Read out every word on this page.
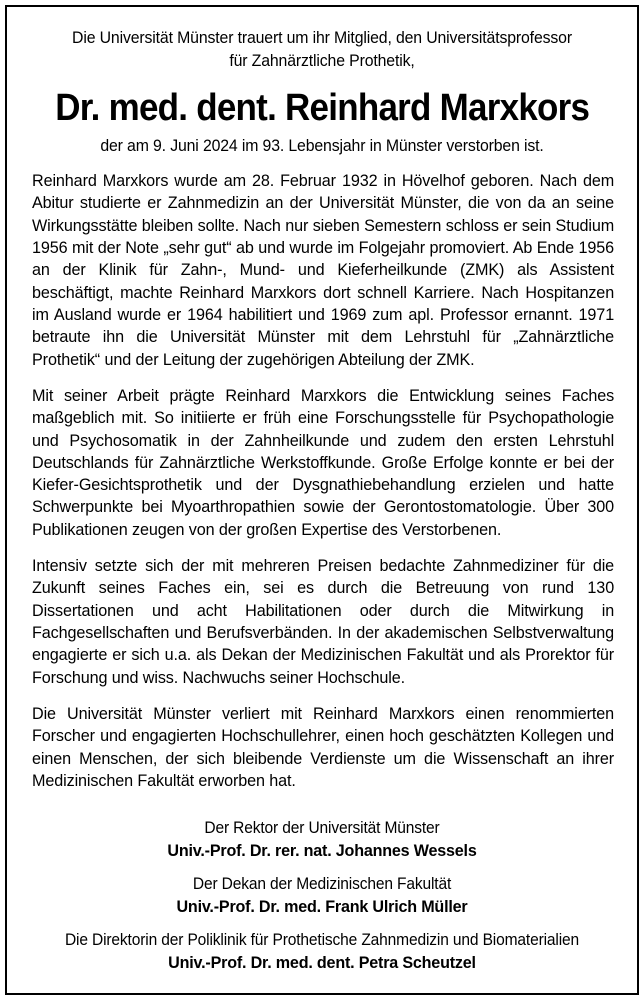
Die Universität Münster trauert um ihr Mitglied, den Universitätsprofessor
für Zahnärztliche Prothetik,
Dr. med. dent. Reinhard Marxkors
der am 9. Juni 2024 im 93. Lebensjahr in Münster verstorben ist.

Reinhard Marxkors wurde am 28. Februar 1932 in Hövelhof geboren. Nach dem Abitur studierte er Zahnmedizin an der Universität Münster, die von da an seine Wirkungsstätte bleiben sollte. Nach nur sieben Semestern schloss er sein Studium 1956 mit der Note „sehr gut“ ab und wurde im Folgejahr promoviert. Ab Ende 1956 an der Klinik für Zahn-, Mund- und Kieferheilkunde (ZMK) als Assistent beschäftigt, machte Reinhard Marxkors dort schnell Karriere. Nach Hospitanzen im Ausland wurde er 1964 habilitiert und 1969 zum apl. Professor ernannt. 1971 betraute ihn die Universität Münster mit dem Lehrstuhl für „Zahnärztliche Prothetik“ und der Leitung der zugehörigen Abteilung der ZMK.

Mit seiner Arbeit prägte Reinhard Marxkors die Entwicklung seines Faches maßgeblich mit. So initiierte er früh eine Forschungsstelle für Psychopathologie und Psychosomatik in der Zahnheilkunde und zudem den ersten Lehrstuhl Deutschlands für Zahnärztliche Werkstoffkunde. Große Erfolge konnte er bei der Kiefer-Gesichtsprothetik und der Dysgnathiebehandlung erzielen und hatte Schwerpunkte bei Myoarthropathien sowie der Gerontostomatologie. Über 300 Publikationen zeugen von der großen Expertise des Verstorbenen.

Intensiv setzte sich der mit mehreren Preisen bedachte Zahnmediziner für die Zukunft seines Faches ein, sei es durch die Betreuung von rund 130 Dissertationen und acht Habilitationen oder durch die Mitwirkung in Fachgesellschaften und Berufsverbänden. In der akademischen Selbstverwaltung engagierte er sich u.a. als Dekan der Medizinischen Fakultät und als Prorektor für Forschung und wiss. Nachwuchs seiner Hochschule.

Die Universität Münster verliert mit Reinhard Marxkors einen renommierten Forscher und engagierten Hochschullehrer, einen hoch geschätzten Kollegen und einen Menschen, der sich bleibende Verdienste um die Wissenschaft an ihrer Medizinischen Fakultät erworben hat.

Der Rektor der Universität Münster
Univ.-Prof. Dr. rer. nat. Johannes Wessels
Der Dekan der Medizinischen Fakultät
Univ.-Prof. Dr. med. Frank Ulrich Müller
Die Direktorin der Poliklinik für Prothetische Zahnmedizin und Biomaterialien
Univ.-Prof. Dr. med. dent. Petra Scheutzel
